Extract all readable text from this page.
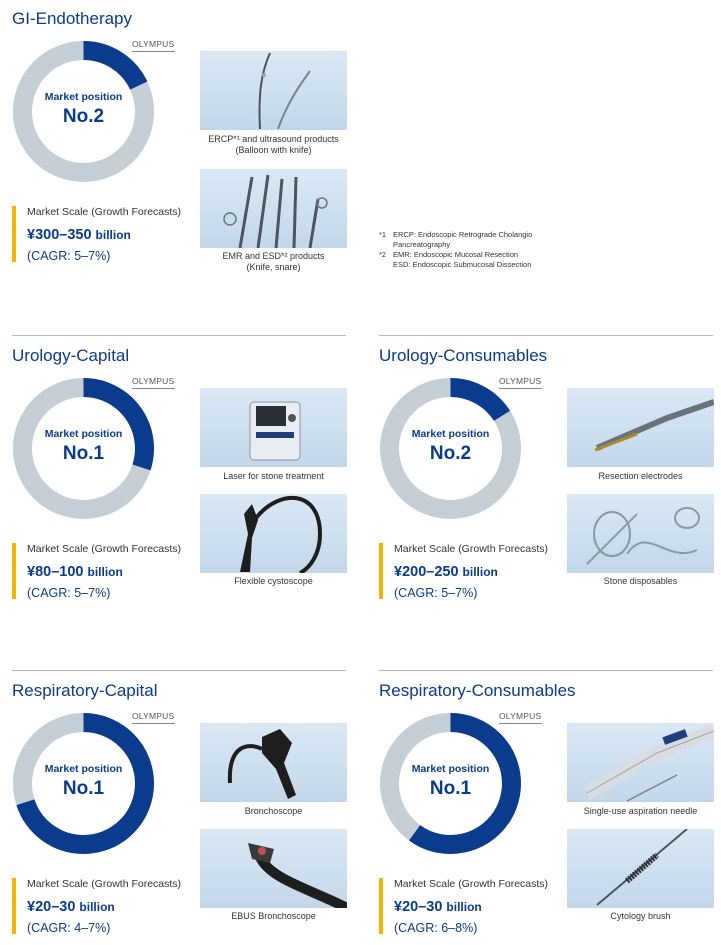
GI-Endotherapy
Market position
No.2
OLYMPUS
Market Scale (Growth Forecasts)
¥300–350 billion
(CAGR: 5–7%)
ERCP*¹ and ultrasound products
(Balloon with knife)
EMR and ESD*² products
(Knife, snare)
*1 ERCP: Endoscopic Retrograde Cholangio
Pancreatography
*2 EMR: Endoscopic Mucosal Resection
ESD: Endoscopic Submucosal Dissection
Urology-Capital
Market position
No.1
OLYMPUS
Market Scale (Growth Forecasts)
¥80–100 billion
(CAGR: 5–7%)
Laser for stone treatment
Flexible cystoscope
Urology-Consumables
Market position
No.2
OLYMPUS
Market Scale (Growth Forecasts)
¥200–250 billion
(CAGR: 5–7%)
Resection electrodes
Stone disposables
Respiratory-Capital
Market position
No.1
OLYMPUS
Market Scale (Growth Forecasts)
¥20–30 billion
(CAGR: 4–7%)
Bronchoscope
EBUS Bronchoscope
Respiratory-Consumables
Market position
No.1
OLYMPUS
Market Scale (Growth Forecasts)
¥20–30 billion
(CAGR: 6–8%)
Single-use aspiration needle
Cytology brush
